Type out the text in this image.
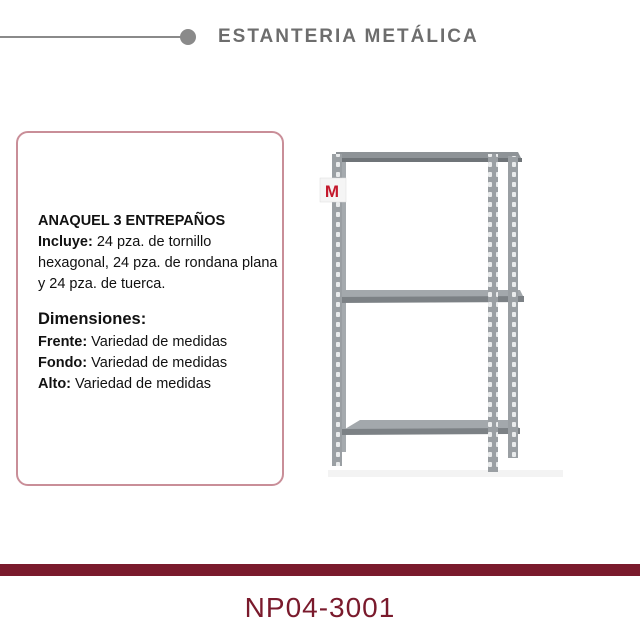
ESTANTERIA METÁLICA
ANAQUEL 3 ENTREPAÑOS
Incluye: 24 pza. de tornillo hexagonal, 24 pza. de rondana plana y 24 pza. de tuerca.
Dimensiones:
Frente: Variedad de medidas
Fondo: Variedad de medidas
Alto: Variedad de medidas
M
NP04-3001
